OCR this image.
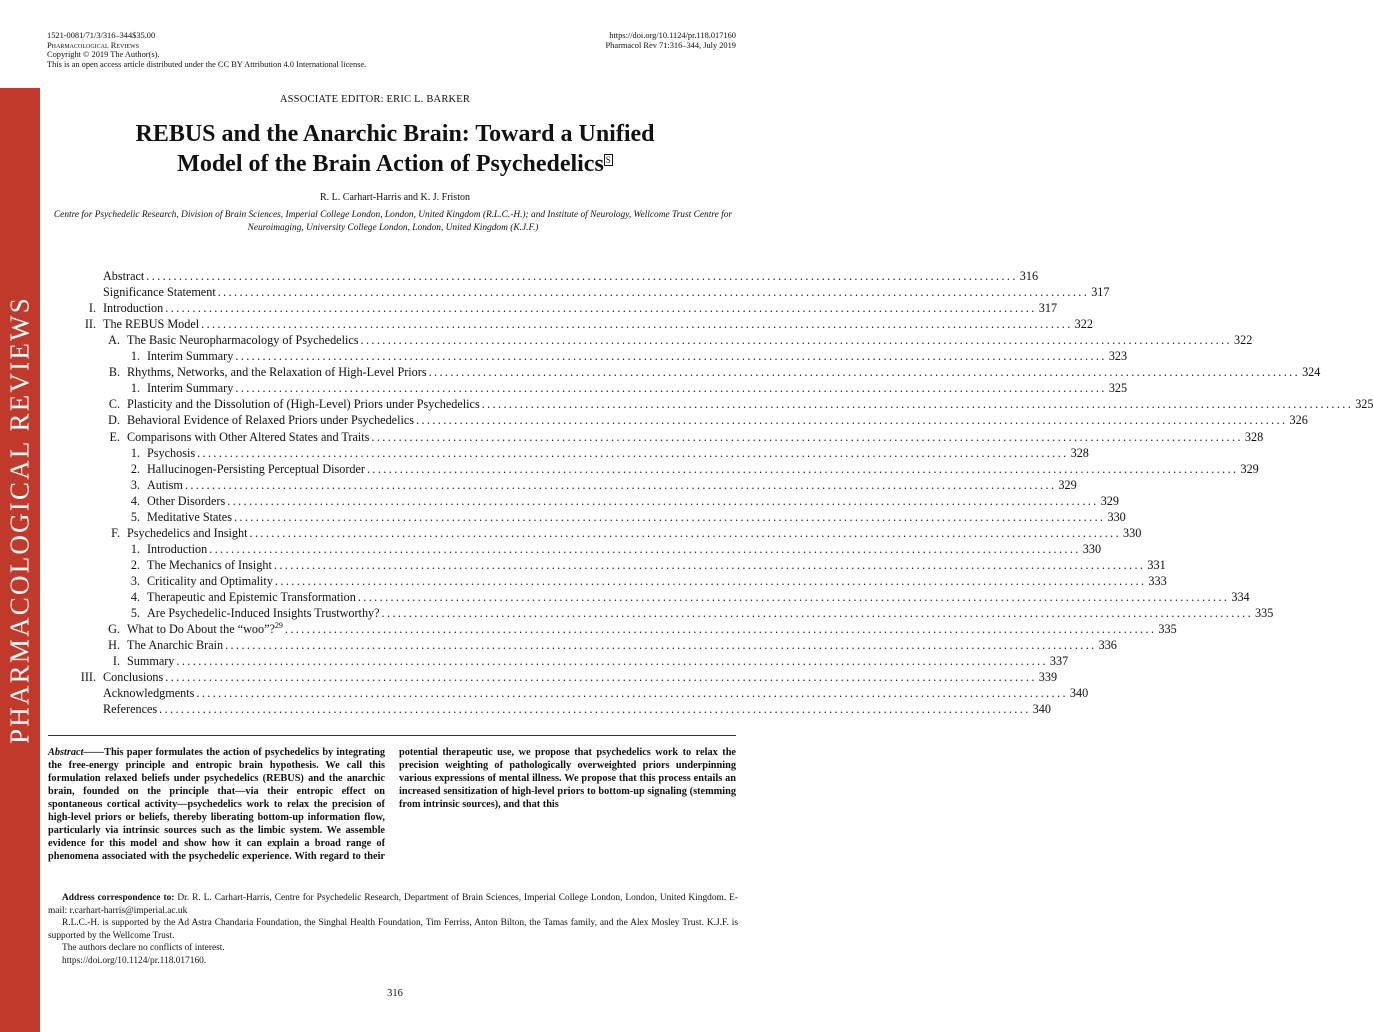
PHARMACOLOGICAL REVIEWS
1521-0081/71/3/316–344$35.00
Pharmacological Reviews
Copyright © 2019 The Author(s).
This is an open access article distributed under the CC BY Attribution 4.0 International license.
https://doi.org/10.1124/pr.118.017160
Pharmacol Rev 71:316–344, July 2019
ASSOCIATE EDITOR: ERIC L. BARKER
REBUS and the Anarchic Brain: Toward a Unified
Model of the Brain Action of Psychedelics S
R. L. Carhart-Harris and K. J. Friston
Centre for Psychedelic Research, Division of Brain Sciences, Imperial College London, London, United Kingdom (R.L.C.-H.); and Institute of Neurology, Wellcome Trust Centre for Neuroimaging, University College London, London, United Kingdom (K.J.F.)
Abstract ................................................................................................................................................................ 316
Significance Statement ................................................................................................................................................................ 317
I. Introduction ................................................................................................................................................................ 317
II. The REBUS Model ................................................................................................................................................................ 322
A. The Basic Neuropharmacology of Psychedelics ................................................................................................................................................................ 322
1. Interim Summary ................................................................................................................................................................ 323
B. Rhythms, Networks, and the Relaxation of High-Level Priors ................................................................................................................................................................ 324
1. Interim Summary ................................................................................................................................................................ 325
C. Plasticity and the Dissolution of (High-Level) Priors under Psychedelics ................................................................................................................................................................ 325
D. Behavioral Evidence of Relaxed Priors under Psychedelics ................................................................................................................................................................ 326
E. Comparisons with Other Altered States and Traits ................................................................................................................................................................ 328
1. Psychosis ................................................................................................................................................................ 328
2. Hallucinogen-Persisting Perceptual Disorder ................................................................................................................................................................ 329
3. Autism ................................................................................................................................................................ 329
4. Other Disorders ................................................................................................................................................................ 329
5. Meditative States ................................................................................................................................................................ 330
F. Psychedelics and Insight ................................................................................................................................................................ 330
1. Introduction ................................................................................................................................................................ 330
2. The Mechanics of Insight ................................................................................................................................................................ 331
3. Criticality and Optimality ................................................................................................................................................................ 333
4. Therapeutic and Epistemic Transformation ................................................................................................................................................................ 334
5. Are Psychedelic-Induced Insights Trustworthy? ................................................................................................................................................................ 335
G. What to Do About the “woo”?$^{29}$ ................................................................................................................................................................ 335
H. The Anarchic Brain ................................................................................................................................................................ 336
I. Summary ................................................................................................................................................................ 337
III. Conclusions ................................................................................................................................................................ 339
Acknowledgments ................................................................................................................................................................ 340
References ................................................................................................................................................................ 340
Abstract——This paper formulates the action of psychedelics by integrating the free-energy principle and entropic brain hypothesis. We call this formulation relaxed beliefs under psychedelics (REBUS) and the anarchic brain, founded on the principle that—via their entropic effect on spontaneous cortical activity—psychedelics work to relax the precision of high-level priors or beliefs, thereby liberating bottom-up information flow, particularly via intrinsic sources such as the limbic system. We assemble evidence for this model and show how it can explain a broad range of phenomena associated with the psychedelic experience. With regard to their potential therapeutic use, we propose that psychedelics work to relax the precision weighting of pathologically overweighted priors underpinning various expressions of mental illness. We propose that this process entails an increased sensitization of high-level priors to bottom-up signaling (stemming from intrinsic sources), and that this

Address correspondence to: Dr. R. L. Carhart-Harris, Centre for Psychedelic Research, Department of Brain Sciences, Imperial College London, London, United Kingdom. E-mail: r.carhart-harris@imperial.ac.uk

R.L.C.-H. is supported by the Ad Astra Chandaria Foundation, the Singhal Health Foundation, Tim Ferriss, Anton Bilton, the Tamas family, and the Alex Mosley Trust. K.J.F. is supported by the Wellcome Trust.

The authors declare no conflicts of interest.

https://doi.org/10.1124/pr.118.017160.

316
